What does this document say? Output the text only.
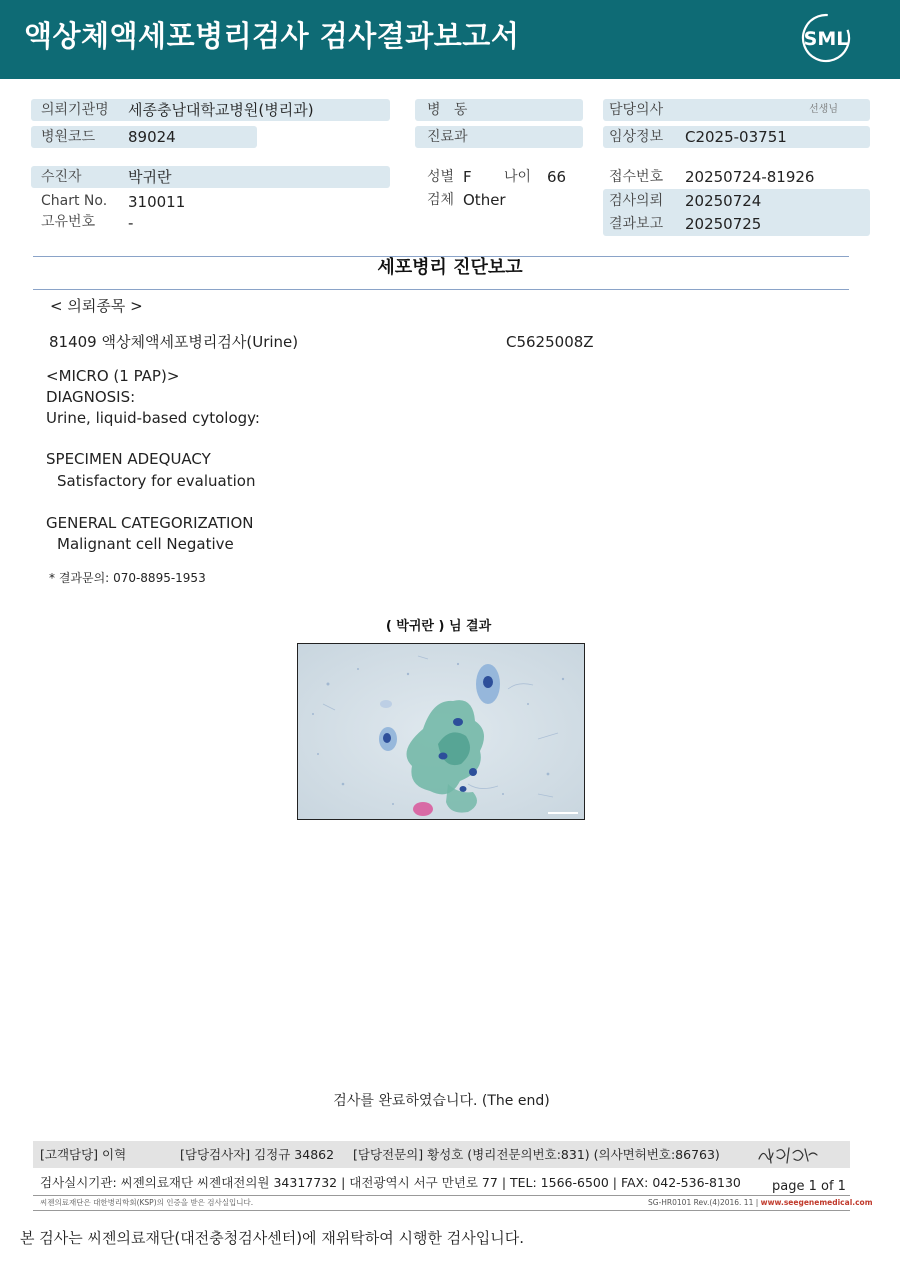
액상체액세포병리검사 검사결과보고서	SML
의뢰기관명 세종충남대학교병원(병리과)
병원코드 89024
병   동
진료과
담당의사	선생님
임상정보 C2025-03751
수진자	박귀란
Chart No. 310011
고유번호 -
성별 F 나이 66
검체 Other
접수번호 20250724-81926
검사의뢰 20250724
결과보고 20250725
세포병리 진단보고
< 의뢰종목 >
81409 액상체액세포병리검사(Urine)	C5625008Z
<MICRO (1 PAP)>
DIAGNOSIS:
Urine, liquid-based cytology:
SPECIMEN ADEQUACY
Satisfactory for evaluation
GENERAL CATEGORIZATION
Malignant cell Negative
* 결과문의: 070-8895-1953
( 박귀란 ) 님 결과
검사를 완료하였습니다. (The end)
[고객담당] 이혁	[담당검사자] 김정규 34862 [담당전문의] 황성호 (병리전문의번호:831) (의사면허번호:86763)
검사실시기관: 씨젠의료재단 씨젠대전의원 34317732 | 대전광역시 서구 만년로 77 | TEL: 1566-6500 | FAX: 042-536-8130 page 1 of 1
씨젠의료재단은 대한병리학회(KSP)의 인증을 받은 검사실입니다.	SG-HR0101 Rev.(4)2016. 11 | www.seegenemedical.com
본 검사는 씨젠의료재단(대전충청검사센터)에 재위탁하여 시행한 검사입니다.
